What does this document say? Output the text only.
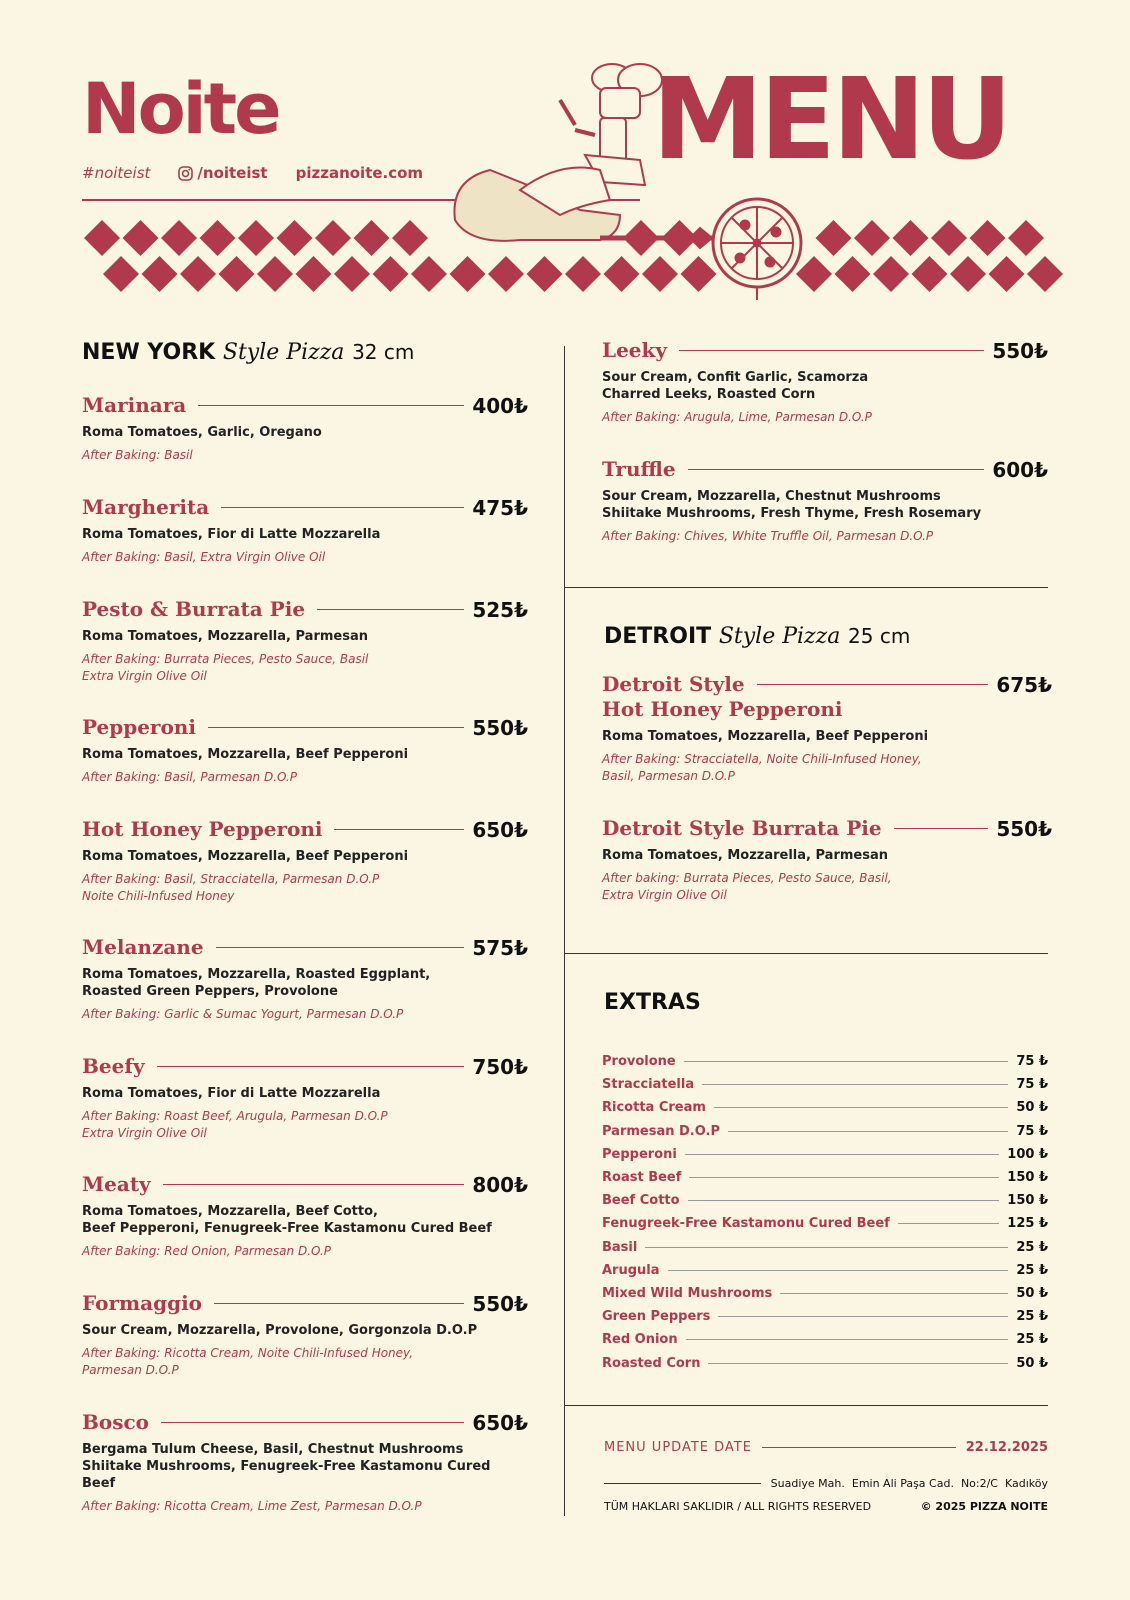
Noite	MENU
#noiteist	/noiteist pizzanoite.com
NEW YORK Style Pizza 32 cm
Marinara	400₺
Roma Tomatoes, Garlic, Oregano
After Baking: Basil
Margherita	475₺
Roma Tomatoes, Fior di Latte Mozzarella
After Baking: Basil, Extra Virgin Olive Oil
Pesto & Burrata Pie	525₺
Roma Tomatoes, Mozzarella, Parmesan
After Baking: Burrata Pieces, Pesto Sauce, Basil
Extra Virgin Olive Oil
Pepperoni	550₺
Roma Tomatoes, Mozzarella, Beef Pepperoni
After Baking: Basil, Parmesan D.O.P
Hot Honey Pepperoni	650₺
Roma Tomatoes, Mozzarella, Beef Pepperoni
After Baking: Basil, Stracciatella, Parmesan D.O.P
Noite Chili-Infused Honey
Melanzane	575₺
Roma Tomatoes, Mozzarella, Roasted Eggplant,
Roasted Green Peppers, Provolone
After Baking: Garlic & Sumac Yogurt, Parmesan D.O.P
Beefy	750₺
Roma Tomatoes, Fior di Latte Mozzarella
After Baking: Roast Beef, Arugula, Parmesan D.O.P
Extra Virgin Olive Oil
Meaty	800₺
Roma Tomatoes, Mozzarella, Beef Cotto,
Beef Pepperoni, Fenugreek-Free Kastamonu Cured Beef
After Baking: Red Onion, Parmesan D.O.P
Formaggio	550₺
Sour Cream, Mozzarella, Provolone, Gorgonzola D.O.P
After Baking: Ricotta Cream, Noite Chili-Infused Honey,
Parmesan D.O.P
Bosco	650₺
Bergama Tulum Cheese, Basil, Chestnut Mushrooms
Shiitake Mushrooms, Fenugreek-Free Kastamonu Cured Beef
After Baking: Ricotta Cream, Lime Zest, Parmesan D.O.P
Leeky	550₺
Sour Cream, Confit Garlic, Scamorza
Charred Leeks, Roasted Corn
After Baking: Arugula, Lime, Parmesan D.O.P
Truffle	600₺
Sour Cream, Mozzarella, Chestnut Mushrooms
Shiitake Mushrooms, Fresh Thyme, Fresh Rosemary
After Baking: Chives, White Truffle Oil, Parmesan D.O.P
DETROIT Style Pizza 25 cm
Detroit Style	675₺
Hot Honey Pepperoni
Roma Tomatoes, Mozzarella, Beef Pepperoni
After Baking: Stracciatella, Noite Chili-Infused Honey,
Basil, Parmesan D.O.P
Detroit Style Burrata Pie	550₺
Roma Tomatoes, Mozzarella, Parmesan
After baking: Burrata Pieces, Pesto Sauce, Basil,
Extra Virgin Olive Oil
EXTRAS
Provolone	75 ₺
Stracciatella	75 ₺
Ricotta Cream	50 ₺
Parmesan D.O.P	75 ₺
Pepperoni	100 ₺
Roast Beef	150 ₺
Beef Cotto	150 ₺
Fenugreek-Free Kastamonu Cured Beef	125 ₺
Basil	25 ₺
Arugula	25 ₺
Mixed Wild Mushrooms	50 ₺
Green Peppers	25 ₺
Red Onion	25 ₺
Roasted Corn	50 ₺
MENU UPDATE DATE	22.12.2025
Suadiye Mah.  Emin Ali Paşa Cad.  No:2/C  Kadıköy
TÜM HAKLARI SAKLIDIR / ALL RIGHTS RESERVED	© 2025 PIZZA NOITE
